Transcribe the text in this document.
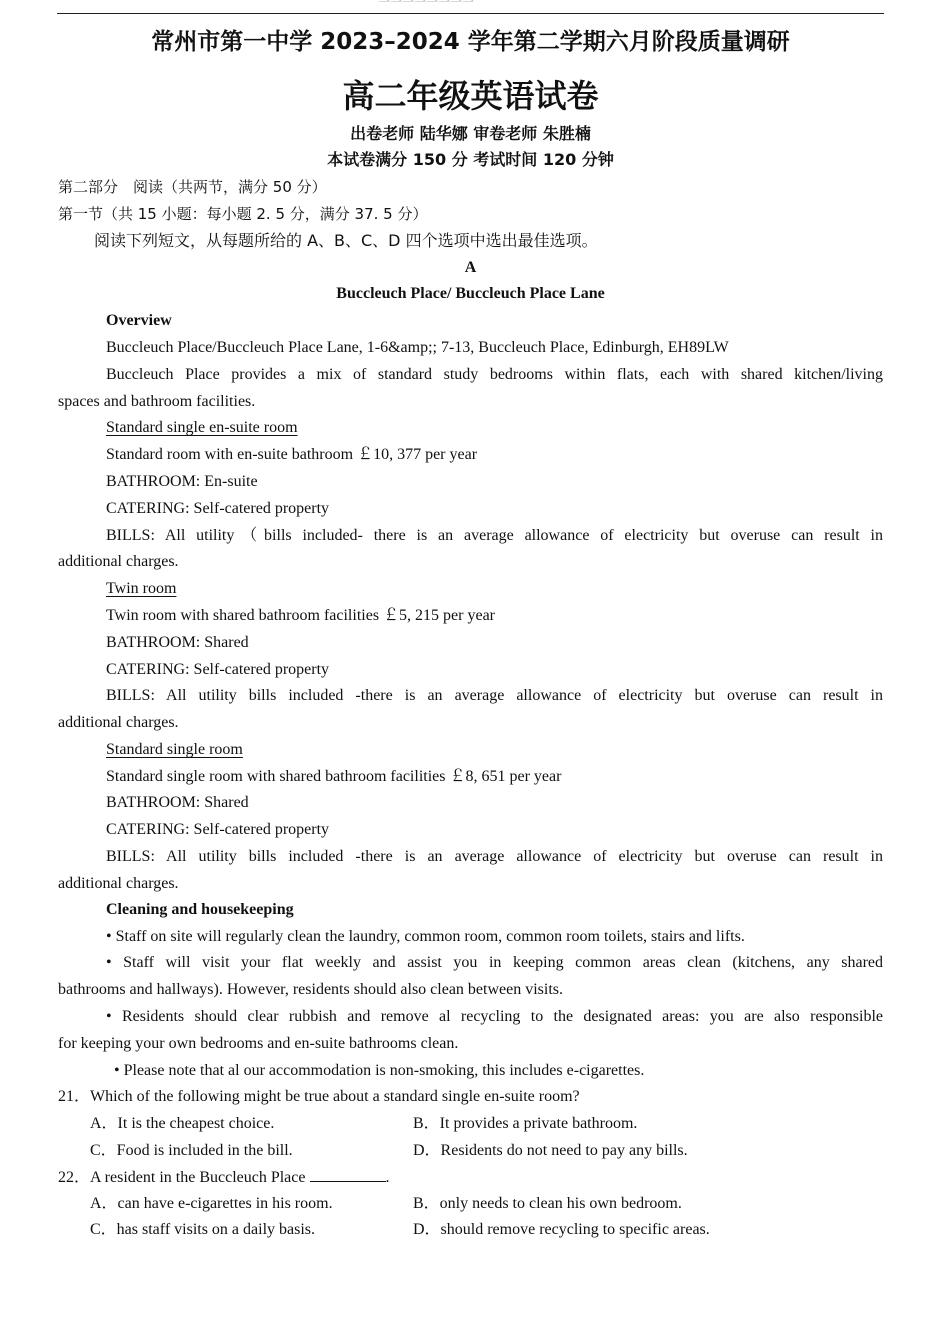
常州市第一中学 2023–2024 学年第二学期六月阶段质量调研
高二年级英语试卷
出卷老师 陆华娜 审卷老师 朱胜楠
本试卷满分 150 分 考试时间 120 分钟
第二部分　阅读（共两节，满分 50 分）
第一节（共 15 小题：每小题 2. 5 分，满分 37. 5 分）
阅读下列短文，从每题所给的 A、B、C、D 四个选项中选出最佳选项。
A
Buccleuch Place/ Buccleuch Place Lane
Overview
Buccleuch Place/Buccleuch Place Lane, 1-6&amp;; 7-13, Buccleuch Place, Edinburgh, EH89LW
Buccleuch Place provides a mix of standard study bedrooms within flats, each with shared kitchen/living
spaces and bathroom facilities.
Standard single en-suite room
Standard room with en-suite bathroom ￡10, 377 per year
BATHROOM: En-suite
CATERING: Self-catered property
BILLS: All utility（bills included- there is an average allowance of electricity but overuse can result in
additional charges.
Twin room
Twin room with shared bathroom facilities ￡5, 215 per year
BATHROOM: Shared
CATERING: Self-catered property
BILLS: All utility bills included -there is an average allowance of electricity but overuse can result in
additional charges.
Standard single room
Standard single room with shared bathroom facilities ￡8, 651 per year
BATHROOM: Shared
CATERING: Self-catered property
BILLS: All utility bills included -there is an average allowance of electricity but overuse can result in
additional charges.
Cleaning and housekeeping
• Staff on site will regularly clean the laundry, common room, common room toilets, stairs and lifts.
• Staff will visit your flat weekly and assist you in keeping common areas clean (kitchens, any shared
bathrooms and hallways). However, residents should also clean between visits.
• Residents should clear rubbish and remove al recycling to the designated areas: you are also responsible
for keeping your own bedrooms and en-suite bathrooms clean.
• Please note that al our accommodation is non-smoking, this includes e-cigarettes.
21．Which of the following might be true about a standard single en-suite room?
A．It is the cheapest choice.	B．It provides a private bathroom.
C．Food is included in the bill.	D．Residents do not need to pay any bills.
22．A resident in the Buccleuch Place	.
A．can have e-cigarettes in his room.	B．only needs to clean his own bedroom.
C．has staff visits on a daily basis.	D．should remove recycling to specific areas.
